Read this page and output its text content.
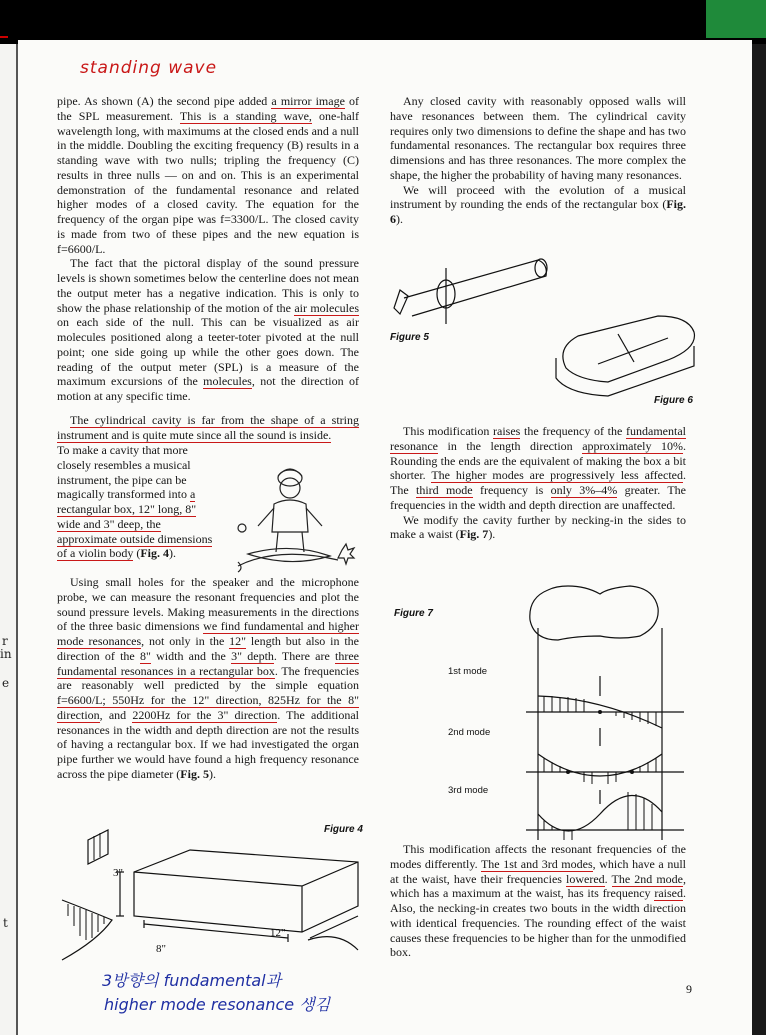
r
in
e
t
standing wave

pipe. As shown (A) the second pipe added a mirror image of the SPL measurement. This is a standing wave, one-half wavelength long, with maximums at the closed ends and a null in the middle. Doubling the exciting frequency (B) results in a standing wave with two nulls; tripling the frequency (C) results in three nulls — on and on. This is an experimental demonstration of the fundamental resonance and related higher modes of a closed cavity. The equation for the frequency of the organ pipe was f=3300/L. The closed cavity is made from two of these pipes and the new equation is f=6600/L.

The fact that the pictoral display of the sound pressure levels is shown sometimes below the centerline does not mean the output meter has a negative indication. This is only to show the phase relationship of the motion of the air molecules on each side of the null. This can be visualized as air molecules positioned along a teeter-toter pivoted at the null point; one side going up while the other goes down. The reading of the output meter (SPL) is a measure of the maximum excursions of the molecules, not the direction of motion at any specific time.

The cylindrical cavity is far from the shape of a string instrument and is quite mute since all the sound is inside.

To make a cavity that more closely resembles a musical instrument, the pipe can be magically transformed into a rectangular box, 12" long, 8" wide and 3" deep, the approximate outside dimensions of a violin body (Fig. 4).

Using small holes for the speaker and the microphone probe, we can measure the resonant frequencies and plot the sound pressure levels. Making measurements in the directions of the three basic dimensions we find fundamental and higher mode resonances, not only in the 12" length but also in the direction of the 8" width and the 3" depth. There are three fundamental resonances in a rectangular box. The frequencies are reasonably well predicted by the simple equation f=6600/L; 550Hz for the 12" direction, 825Hz for the 8" direction, and 2200Hz for the 3" direction. The additional resonances in the width and depth direction are not the results of having a rectangular box. If we had investigated the organ pipe further we would have found a high frequency resonance across the pipe diameter (Fig. 5).

3"
8"
12"
Figure 4
3방향의 fundamental과
higher mode resonance 생김

Any closed cavity with reasonably opposed walls will have resonances between them. The cylindrical cavity requires only two dimensions to define the shape and has two fundamental resonances. The rectangular box requires three dimensions and has three resonances. The more complex the shape, the higher the probability of having many resonances.

We will proceed with the evolution of a musical instrument by rounding the ends of the rectangular box (Fig. 6).

Figure 5
Figure 6

This modification raises the frequency of the fundamental resonance in the length direction approximately 10%. Rounding the ends are the equivalent of making the box a bit shorter. The higher modes are progressively less affected. The third mode frequency is only 3%–4% greater. The frequencies in the width and depth direction are unaffected.

We modify the cavity further by necking-in the sides to make a waist (Fig. 7).

Figure 7
1st mode
2nd mode
3rd mode

This modification affects the resonant frequencies of the modes differently. The 1st and 3rd modes, which have a null at the waist, have their frequencies lowered. The 2nd mode, which has a maximum at the waist, has its frequency raised. Also, the necking-in creates two bouts in the width direction with identical frequencies. The rounding effect of the waist causes these frequencies to be higher than for the unmodified box.

9
